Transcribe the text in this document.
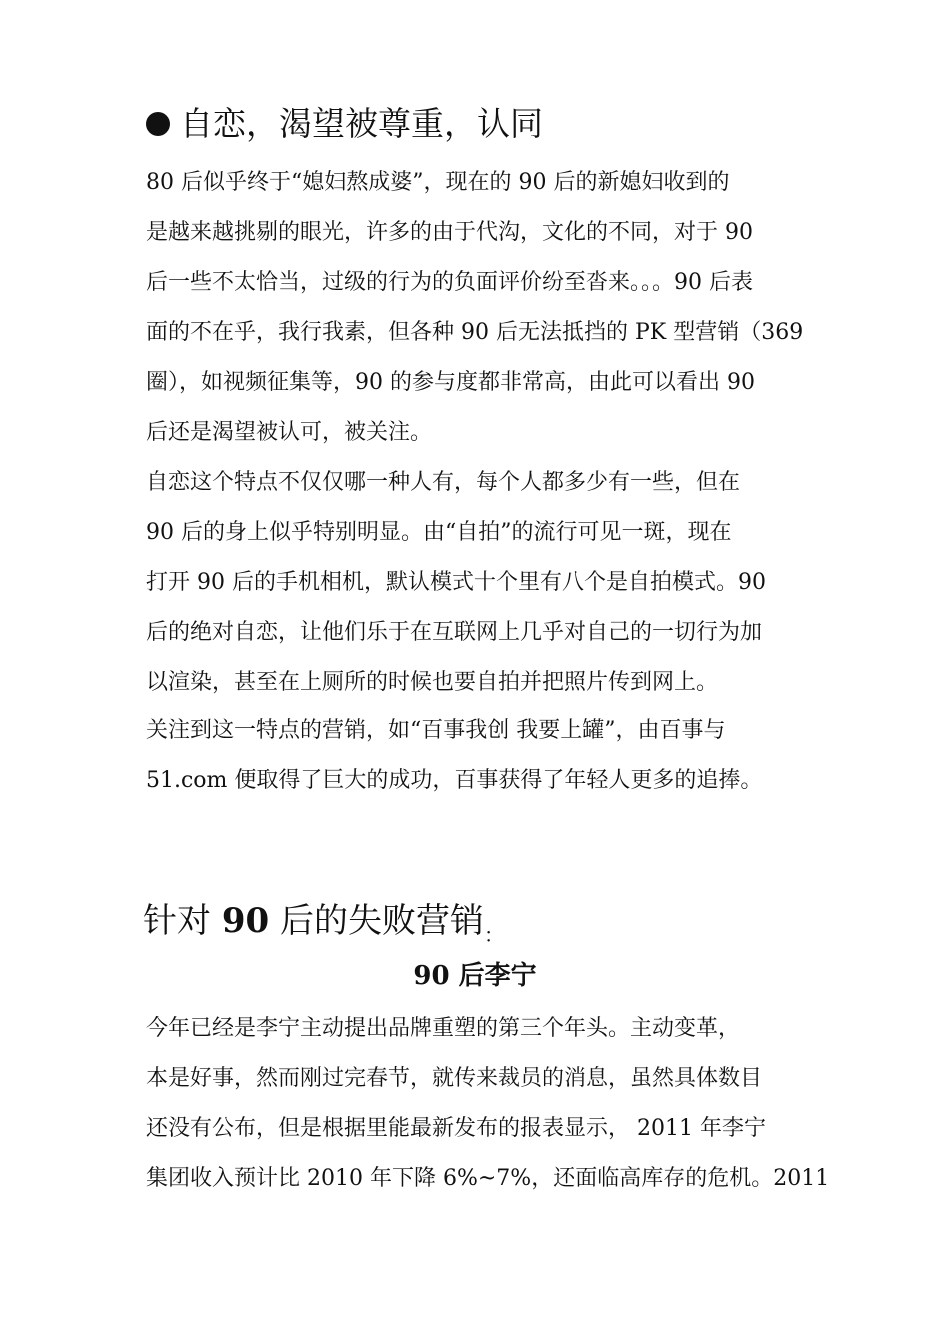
自恋，渴望被尊重，认同
80 后似乎终于“媳妇熬成婆”，现在的 90 后的新媳妇收到的
是越来越挑剔的眼光，许多的由于代沟，文化的不同，对于 90
后一些不太恰当，过级的行为的负面评价纷至沓来。。。90 后表
面的不在乎，我行我素，但各种 90 后无法抵挡的 PK 型营销（369
圈），如视频征集等，90 的参与度都非常高，由此可以看出 90
后还是渴望被认可，被关注。
自恋这个特点不仅仅哪一种人有，每个人都多少有一些，但在
90 后的身上似乎特别明显。由“自拍”的流行可见一斑，现在
打开 90 后的手机相机，默认模式十个里有八个是自拍模式。90
后的绝对自恋，让他们乐于在互联网上几乎对自己的一切行为加
以渲染，甚至在上厕所的时候也要自拍并把照片传到网上。
关注到这一特点的营销，如“百事我创 我要上罐”，由百事与
51.com 便取得了巨大的成功，百事获得了年轻人更多的追捧。
针对 90 后的失败营销$_:$
90 后李宁
今年已经是李宁主动提出品牌重塑的第三个年头。主动变革，
本是好事，然而刚过完春节，就传来裁员的消息，虽然具体数目
还没有公布，但是根据里能最新发布的报表显示， 2011 年李宁
集团收入预计比 2010 年下降 6%~7%，还面临高库存的危机。2011
